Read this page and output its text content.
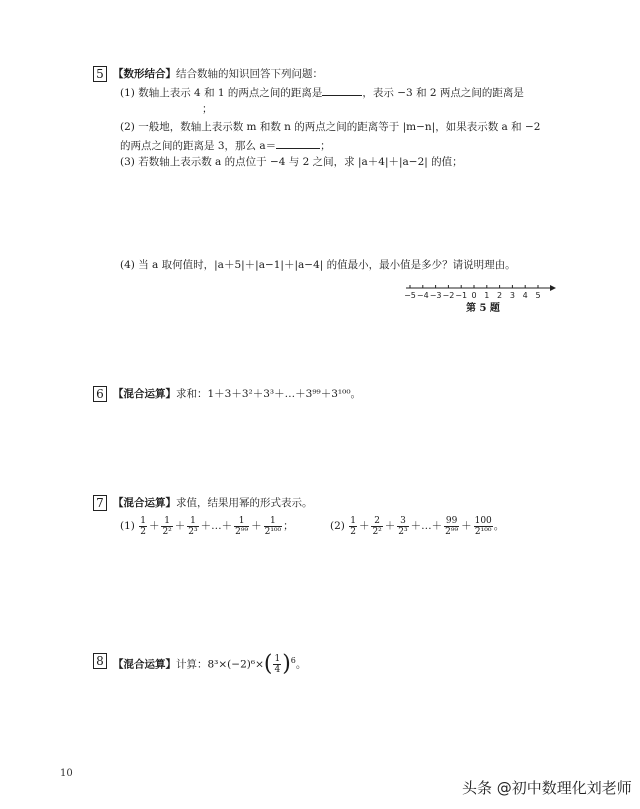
5 【数形结合】结合数轴的知识回答下列问题：
(1) 数轴上表示 4 和 1 的两点之间的距离是	，表示 −3 和 2 两点之间的距离是
；
(2) 一般地，数轴上表示数 m 和数 n 的两点之间的距离等于 |m−n|，如果表示数 a 和 −2
的两点之间的距离是 3，那么 a＝	；
(3) 若数轴上表示数 a 的点位于 −4 与 2 之间，求 |a＋4|＋|a−2| 的值；
(4) 当 a 取何值时，|a＋5|＋|a−1|＋|a−4| 的值最小，最小值是多少？请说明理由。
−5 −4 −3 −2 −1 0 1 2 3 4 5
第 5 题
6 【混合运算】求和：1＋3＋3²＋3³＋…＋3⁹⁹＋3¹⁰⁰。
7 【混合运算】求值，结果用幂的形式表示。
$(1) \frac{1}{2} + \frac{1}{\text{2²}} + \frac{1}{\text{2³}}$ ＋…＋ $\frac{1}{\text{2⁹⁹}} + \frac{1}{\text{2¹⁰⁰}}$ ；	$(2) \frac{1}{2} + \frac{2}{\text{2²}} + \frac{3}{\text{2³}}$ ＋…＋ $\frac{99}{\text{2⁹⁹}} + \frac{100}{\text{2¹⁰⁰}}$ 。
8 【混合运算】计算：$8^3\times(-2)^6\times( \frac{1}{4} )^6$。
10
头条 @初中数理化刘老师
